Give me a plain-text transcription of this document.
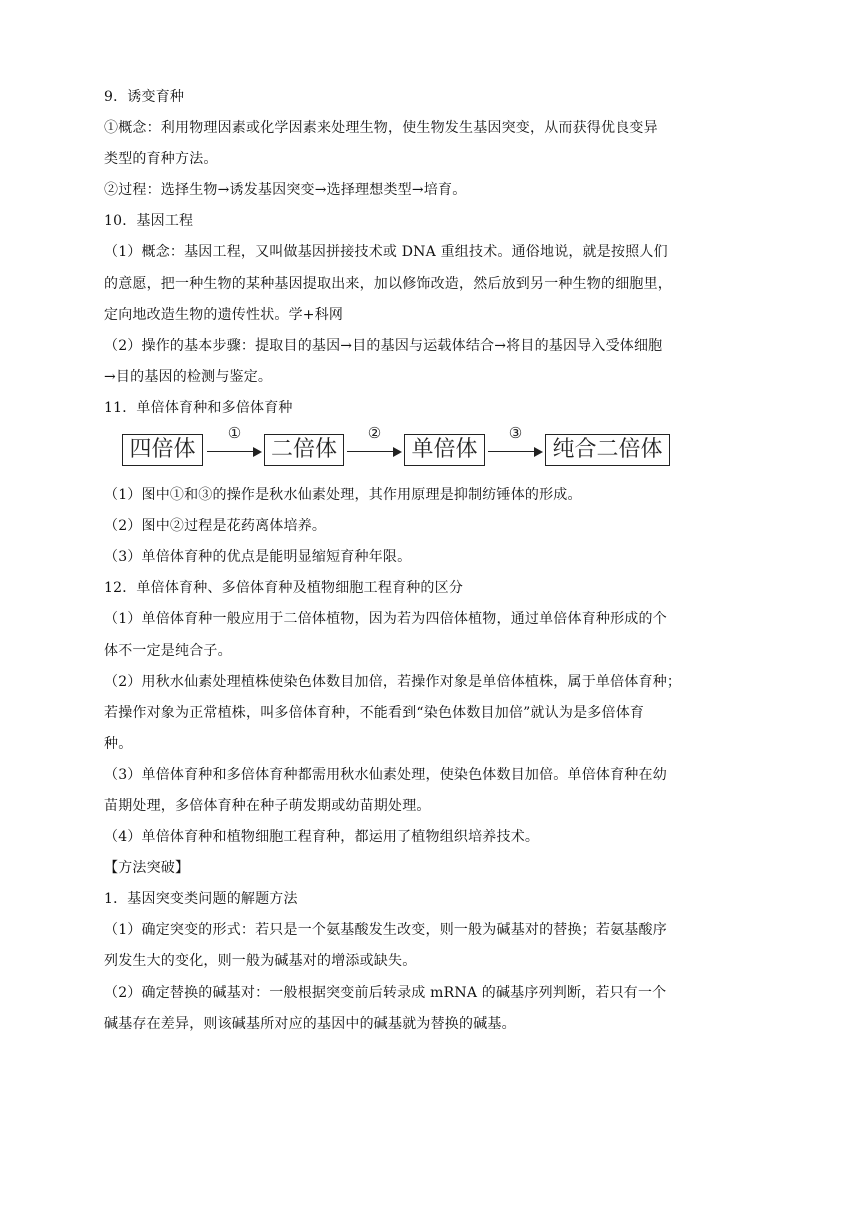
9．诱变育种
①概念：利用物理因素或化学因素来处理生物，使生物发生基因突变，从而获得优良变异
类型的育种方法。
②过程：选择生物→诱发基因突变→选择理想类型→培育。
10．基因工程
（1）概念：基因工程，又叫做基因拼接技术或 DNA 重组技术。通俗地说，就是按照人们
的意愿，把一种生物的某种基因提取出来，加以修饰改造，然后放到另一种生物的细胞里，
定向地改造生物的遗传性状。学+科网
（2）操作的基本步骤：提取目的基因→目的基因与运载体结合→将目的基因导入受体细胞
→目的基因的检测与鉴定。
11．单倍体育种和多倍体育种
四倍体
①
二倍体
②
单倍体
③
纯合二倍体
（1）图中①和③的操作是秋水仙素处理，其作用原理是抑制纺锤体的形成。
（2）图中②过程是花药离体培养。
（3）单倍体育种的优点是能明显缩短育种年限。
12．单倍体育种、多倍体育种及植物细胞工程育种的区分
（1）单倍体育种一般应用于二倍体植物，因为若为四倍体植物，通过单倍体育种形成的个
体不一定是纯合子。
（2）用秋水仙素处理植株使染色体数目加倍，若操作对象是单倍体植株，属于单倍体育种；
若操作对象为正常植株，叫多倍体育种，不能看到“染色体数目加倍”就认为是多倍体育
种。
（3）单倍体育种和多倍体育种都需用秋水仙素处理，使染色体数目加倍。单倍体育种在幼
苗期处理，多倍体育种在种子萌发期或幼苗期处理。
（4）单倍体育种和植物细胞工程育种，都运用了植物组织培养技术。
【方法突破】
1．基因突变类问题的解题方法
（1）确定突变的形式：若只是一个氨基酸发生改变，则一般为碱基对的替换；若氨基酸序
列发生大的变化，则一般为碱基对的增添或缺失。
（2）确定替换的碱基对：一般根据突变前后转录成 mRNA 的碱基序列判断，若只有一个
碱基存在差异，则该碱基所对应的基因中的碱基就为替换的碱基。
